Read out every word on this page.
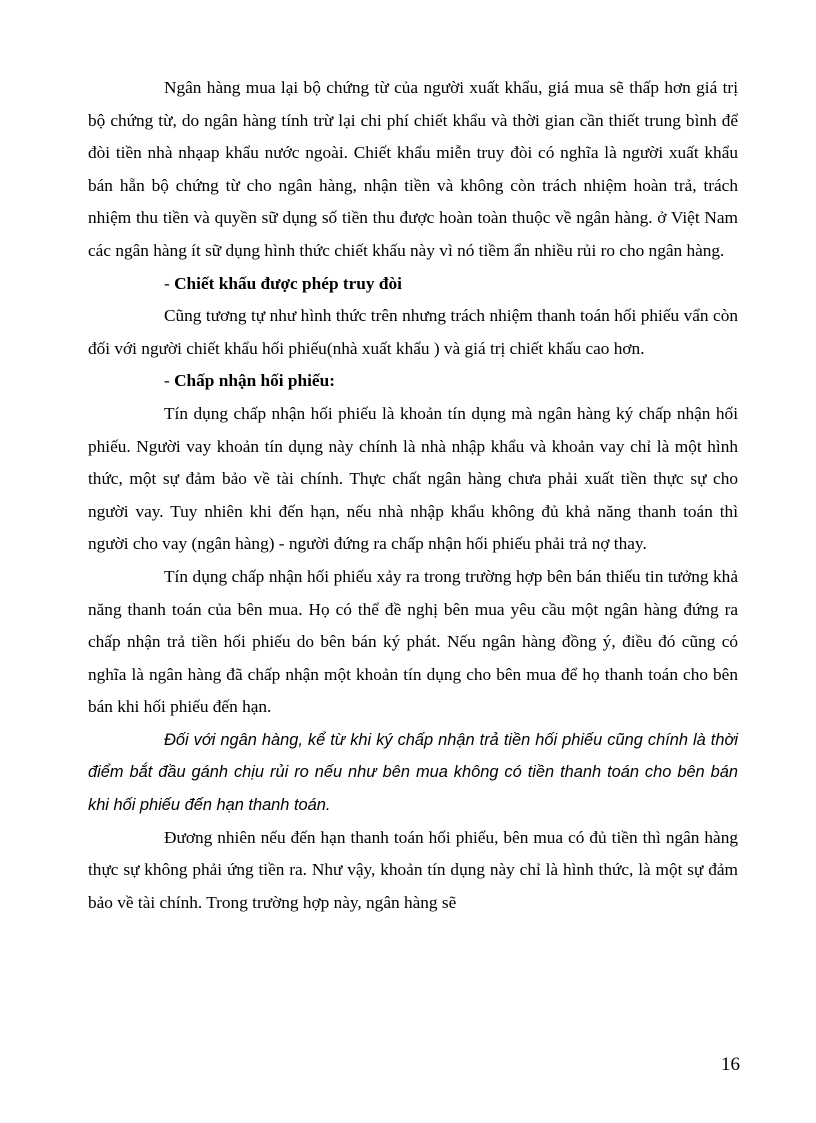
Ngân hàng mua lại bộ chứng từ của người xuất khẩu, giá mua sẽ thấp hơn giá trị bộ chứng từ, do ngân hàng tính trừ lại chi phí chiết khẩu và thời gian cần thiết trung bình để đòi tiền nhà nhạap khẩu nước ngoài. Chiết khẩu miễn truy đòi có nghĩa là người xuất khẩu bán hẵn bộ chứng từ cho ngân hàng, nhận tiền và không còn trách nhiệm hoàn trả, trách nhiệm thu tiền và quyền sữ dụng số tiền thu được hoàn toàn thuộc về ngân hàng. ở Việt Nam các ngân hàng ít sữ dụng hình thức chiết khấu này vì nó tiềm ẩn nhiều rủi ro cho ngân hàng.

- Chiết khấu được phép truy đòi

Cũng tương tự như hình thức trên nhưng trách nhiệm thanh toán hối phiếu vẩn còn đối với người chiết khẩu hối phiếu(nhà xuất khẩu ) và giá trị chiết khấu cao hơn.

- Chấp nhận hối phiếu:

Tín dụng chấp nhận hối phiếu là khoản tín dụng mà ngân hàng ký chấp nhận hối phiếu. Người vay khoản tín dụng này chính là nhà nhập khẩu và khoản vay chỉ là một hình thức, một sự đảm bảo về tài chính. Thực chất ngân hàng chưa phải xuất tiền thực sự cho người vay. Tuy nhiên khi đến hạn, nếu nhà nhập khẩu không đủ khả năng thanh toán thì người cho vay (ngân hàng) - người đứng ra chấp nhận hối phiếu phải trả nợ thay.

Tín dụng chấp nhận hối phiếu xảy ra trong trường hợp bên bán thiếu tin tưởng khả năng thanh toán của bên mua. Họ có thể đề nghị bên mua yêu cầu một ngân hàng đứng ra chấp nhận trả tiền hối phiếu do bên bán ký phát. Nếu ngân hàng đồng ý, điều đó cũng có nghĩa là ngân hàng đã chấp nhận một khoản tín dụng cho bên mua để họ thanh toán cho bên bán khi hối phiếu đến hạn.

Đối với ngân hàng, kể từ khi ký chấp nhận trả tiền hối phiếu cũng chính là thời điểm bắt đầu gánh chịu rủi ro nếu như bên mua không có tiền thanh toán cho bên bán khi hối phiếu đến hạn thanh toán.

Đương nhiên nếu đến hạn thanh toán hối phiếu, bên mua có đủ tiền thì ngân hàng thực sự không phải ứng tiền ra. Như vậy, khoản tín dụng này chỉ là hình thức, là một sự đảm bảo về tài chính. Trong trường hợp này, ngân hàng sẽ

16
